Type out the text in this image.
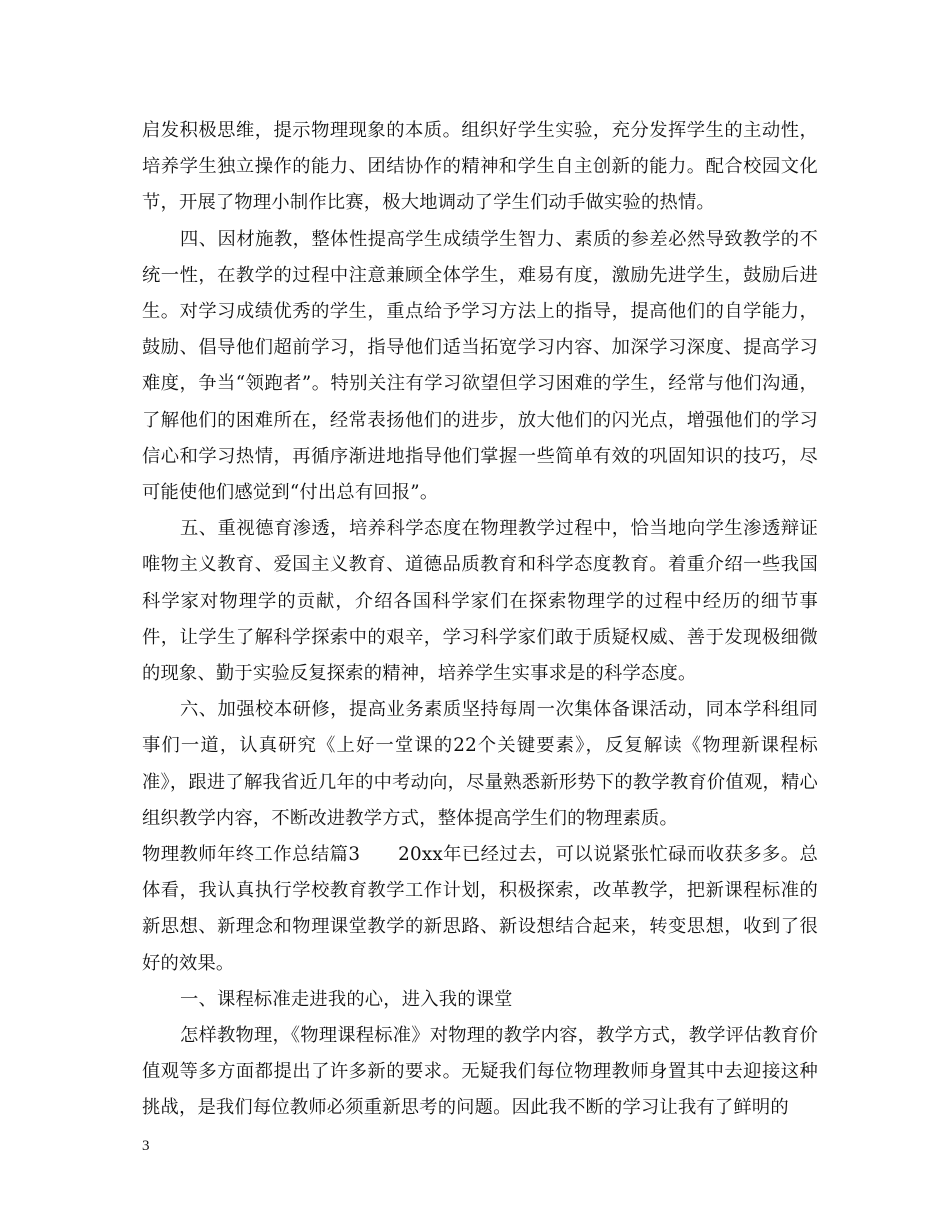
启发积极思维，提示物理现象的本质。组织好学生实验，充分发挥学生的主动性，培养学生独立操作的能力、团结协作的精神和学生自主创新的能力。配合校园文化节，开展了物理小制作比赛，极大地调动了学生们动手做实验的热情。

四、因材施教，整体性提高学生成绩学生智力、素质的参差必然导致教学的不统一性，在教学的过程中注意兼顾全体学生，难易有度，激励先进学生，鼓励后进生。对学习成绩优秀的学生，重点给予学习方法上的指导，提高他们的自学能力，鼓励、倡导他们超前学习，指导他们适当拓宽学习内容、加深学习深度、提高学习难度，争当“领跑者”。特别关注有学习欲望但学习困难的学生，经常与他们沟通，了解他们的困难所在，经常表扬他们的进步，放大他们的闪光点，增强他们的学习信心和学习热情，再循序渐进地指导他们掌握一些简单有效的巩固知识的技巧，尽可能使他们感觉到“付出总有回报”。

五、重视德育渗透，培养科学态度在物理教学过程中，恰当地向学生渗透辩证唯物主义教育、爱国主义教育、道德品质教育和科学态度教育。着重介绍一些我国科学家对物理学的贡献，介绍各国科学家们在探索物理学的过程中经历的细节事件，让学生了解科学探索中的艰辛，学习科学家们敢于质疑权威、善于发现极细微的现象、勤于实验反复探索的精神，培养学生实事求是的科学态度。

六、加强校本研修，提高业务素质坚持每周一次集体备课活动，同本学科组同事们一道，认真研究《上好一堂课的22个关键要素》，反复解读《物理新课程标准》，跟进了解我省近几年的中考动向，尽量熟悉新形势下的教学教育价值观，精心组织教学内容，不断改进教学方式，整体提高学生们的物理素质。

物理教师年终工作总结篇3 20xx年已经过去，可以说紧张忙碌而收获多多。总体看，我认真执行学校教育教学工作计划，积极探索，改革教学，把新课程标准的新思想、新理念和物理课堂教学的新思路、新设想结合起来，转变思想，收到了很好的效果。

一、课程标准走进我的心，进入我的课堂

怎样教物理，《物理课程标准》对物理的教学内容，教学方式，教学评估教育价值观等多方面都提出了许多新的要求。无疑我们每位物理教师身置其中去迎接这种挑战，是我们每位教师必须重新思考的问题。因此我不断的学习让我有了鲜明的

3
